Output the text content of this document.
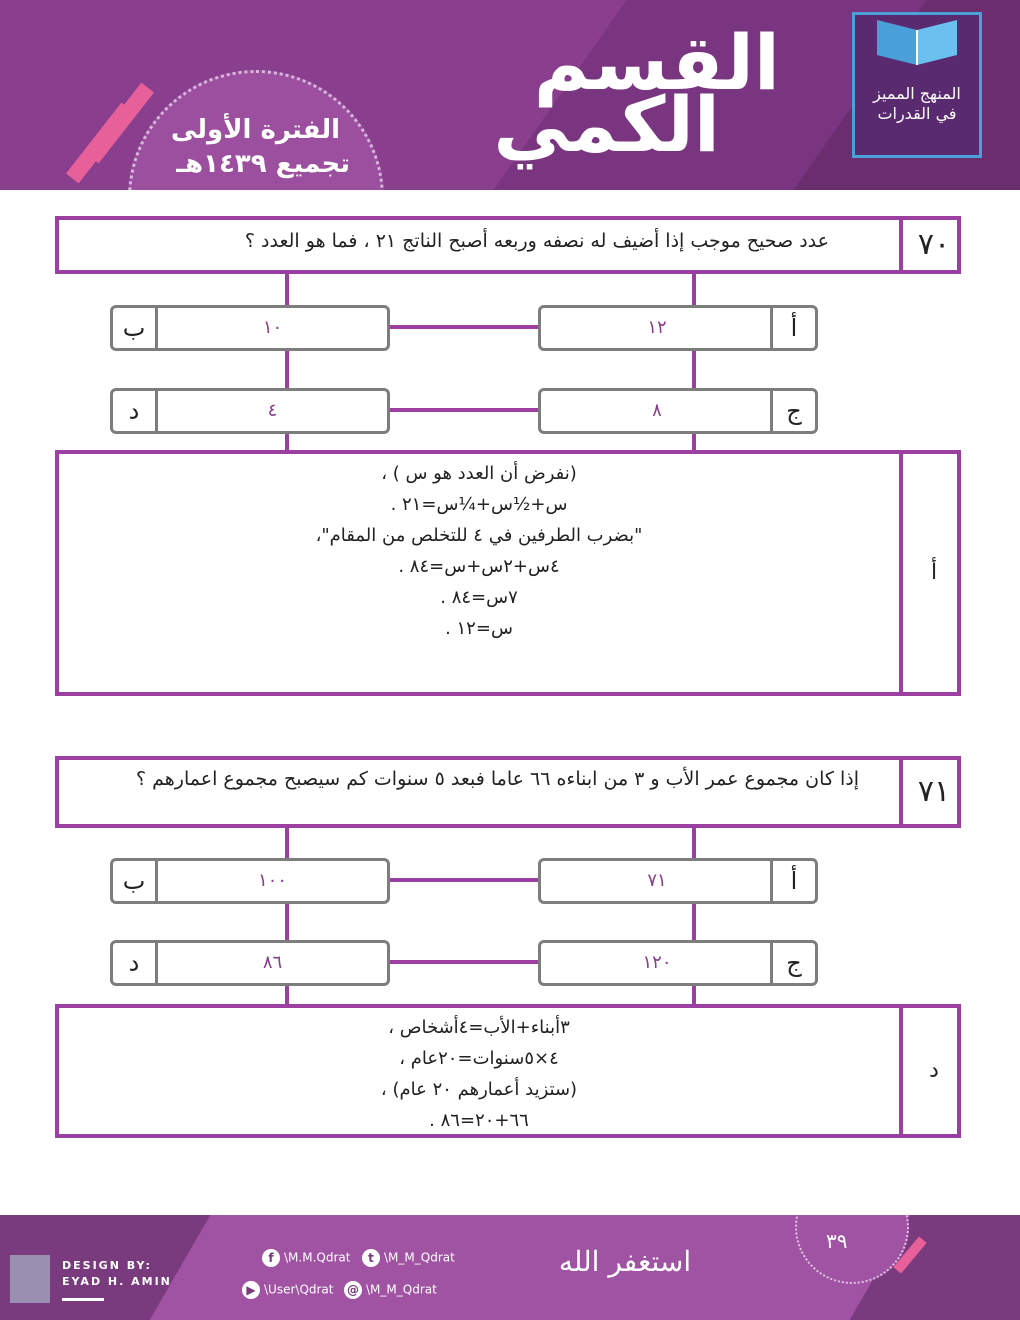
القسم
الكمي
الفترة الأولى
تجميع ١٤٣٩هـ
المنهج المميز في القدرات
عدد صحيح موجب إذا أضيف له نصفه وربعه أصبح الناتج ٢١ ، فما هو العدد ؟	٧٠
ب	١٠	١٢	أ
د	٤	٨	ج
(نفرض أن العدد هو س ) ،
س+½س+¼س=٢١ .
"بضرب الطرفين في ٤ للتخلص من المقام"،
٤س+٢س+س=٨٤ .
٧س=٨٤ .
س=١٢ .
أ
إذا كان مجموع عمر الأب و ٣ من ابناءه ٦٦ عاما فبعد ٥ سنوات كم سيصبح مجموع اعمارهم ؟	٧١
ب	١٠٠	٧١	أ
د	٨٦	١٢٠	ج
٣أبناء+الأب=٤أشخاص ،
٤×٥سنوات=٢٠عام ،
(ستزيد أعمارهم ٢٠ عام) ،
٦٦+٢٠=٨٦ .
د
DESIGN BY:
EYAD H. AMIN
f \M.M.Qdrat	t \M_M_Qdrat
▶ \User\Qdrat @ \M_M_Qdrat
استغفر الله
٣٩
